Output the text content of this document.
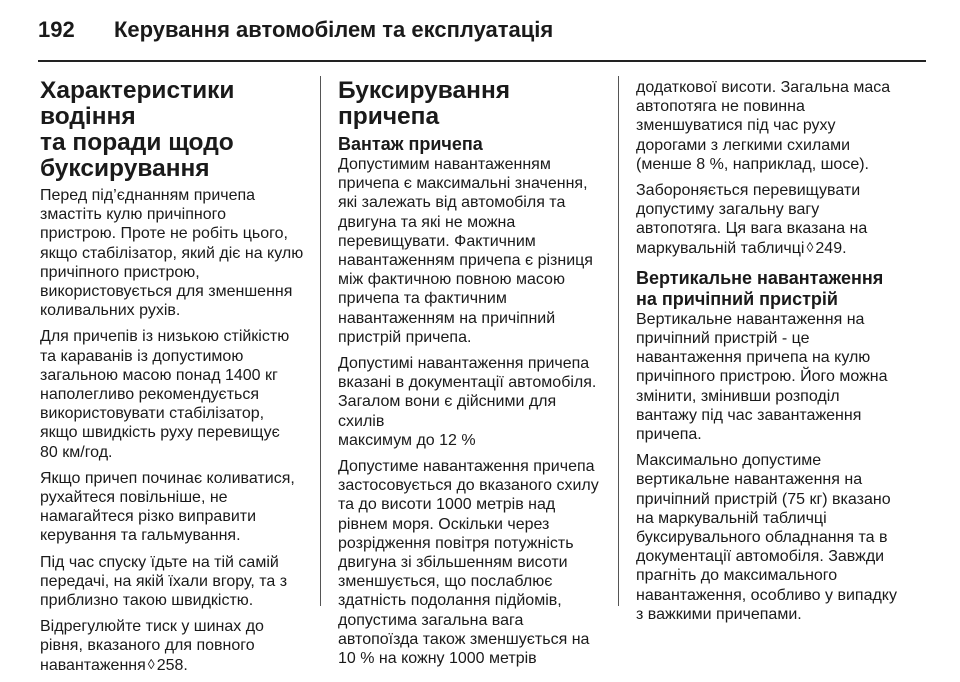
192	Керування автомобілем та експлуатація
Характеристики водіння
та поради щодо
буксирування

Перед під’єднанням причепа
змастіть кулю причіпного
пристрою. Проте не робіть цього,
якщо стабілізатор, який діє на кулю
причіпного пристрою,
використовується для зменшення
коливальних рухів.

Для причепів із низькою стійкістю
та караванів із допустимою
загальною масою понад 1400 кг
наполегливо рекомендується
використовувати стабілізатор,
якщо швидкість руху перевищує
80 км/год.

Якщо причеп починає коливатися,
рухайтеся повільніше, не
намагайтеся різко виправити
керування та гальмування.

Під час спуску їдьте на тій самій
передачі, на якій їхали вгору, та з
приблизно такою швидкістю.

Відрегулюйте тиск у шинах до
рівня, вказаного для повного
навантаження ◊ 258.

Буксирування причепа
Вантаж причепа

Допустимим навантаженням
причепа є максимальні значення,
які залежать від автомобіля та
двигуна та які не можна
перевищувати. Фактичним
навантаженням причепа є різниця
між фактичною повною масою
причепа та фактичним
навантаженням на причіпний
пристрій причепа.

Допустимі навантаження причепа
вказані в документації автомобіля.
Загалом вони є дійсними для схилів
максимум до 12 %

Допустиме навантаження причепа
застосовується до вказаного схилу
та до висоти 1000 метрів над
рівнем моря. Оскільки через
розрідження повітря потужність
двигуна зі збільшенням висоти
зменшується, що послаблює
здатність подолання підйомів,
допустима загальна вага
автопоїзда також зменшується на
10 % на кожну 1000 метрів

додаткової висоти. Загальна маса
автопотяга не повинна
зменшуватися під час руху
дорогами з легкими схилами
(менше 8 %, наприклад, шосе).

Забороняється перевищувати
допустиму загальну вагу
автопотяга. Ця вага вказана на
маркувальній табличці ◊ 249.

Вертикальне навантаження
на причіпний пристрій

Вертикальне навантаження на
причіпний пристрій - це
навантаження причепа на кулю
причіпного пристрою. Його можна
змінити, змінивши розподіл
вантажу під час завантаження
причепа.

Максимально допустиме
вертикальне навантаження на
причіпний пристрій (75 кг) вказано
на маркувальній табличці
буксирувального обладнання та в
документації автомобіля. Завжди
прагніть до максимального
навантаження, особливо у випадку
з важкими причепами.
